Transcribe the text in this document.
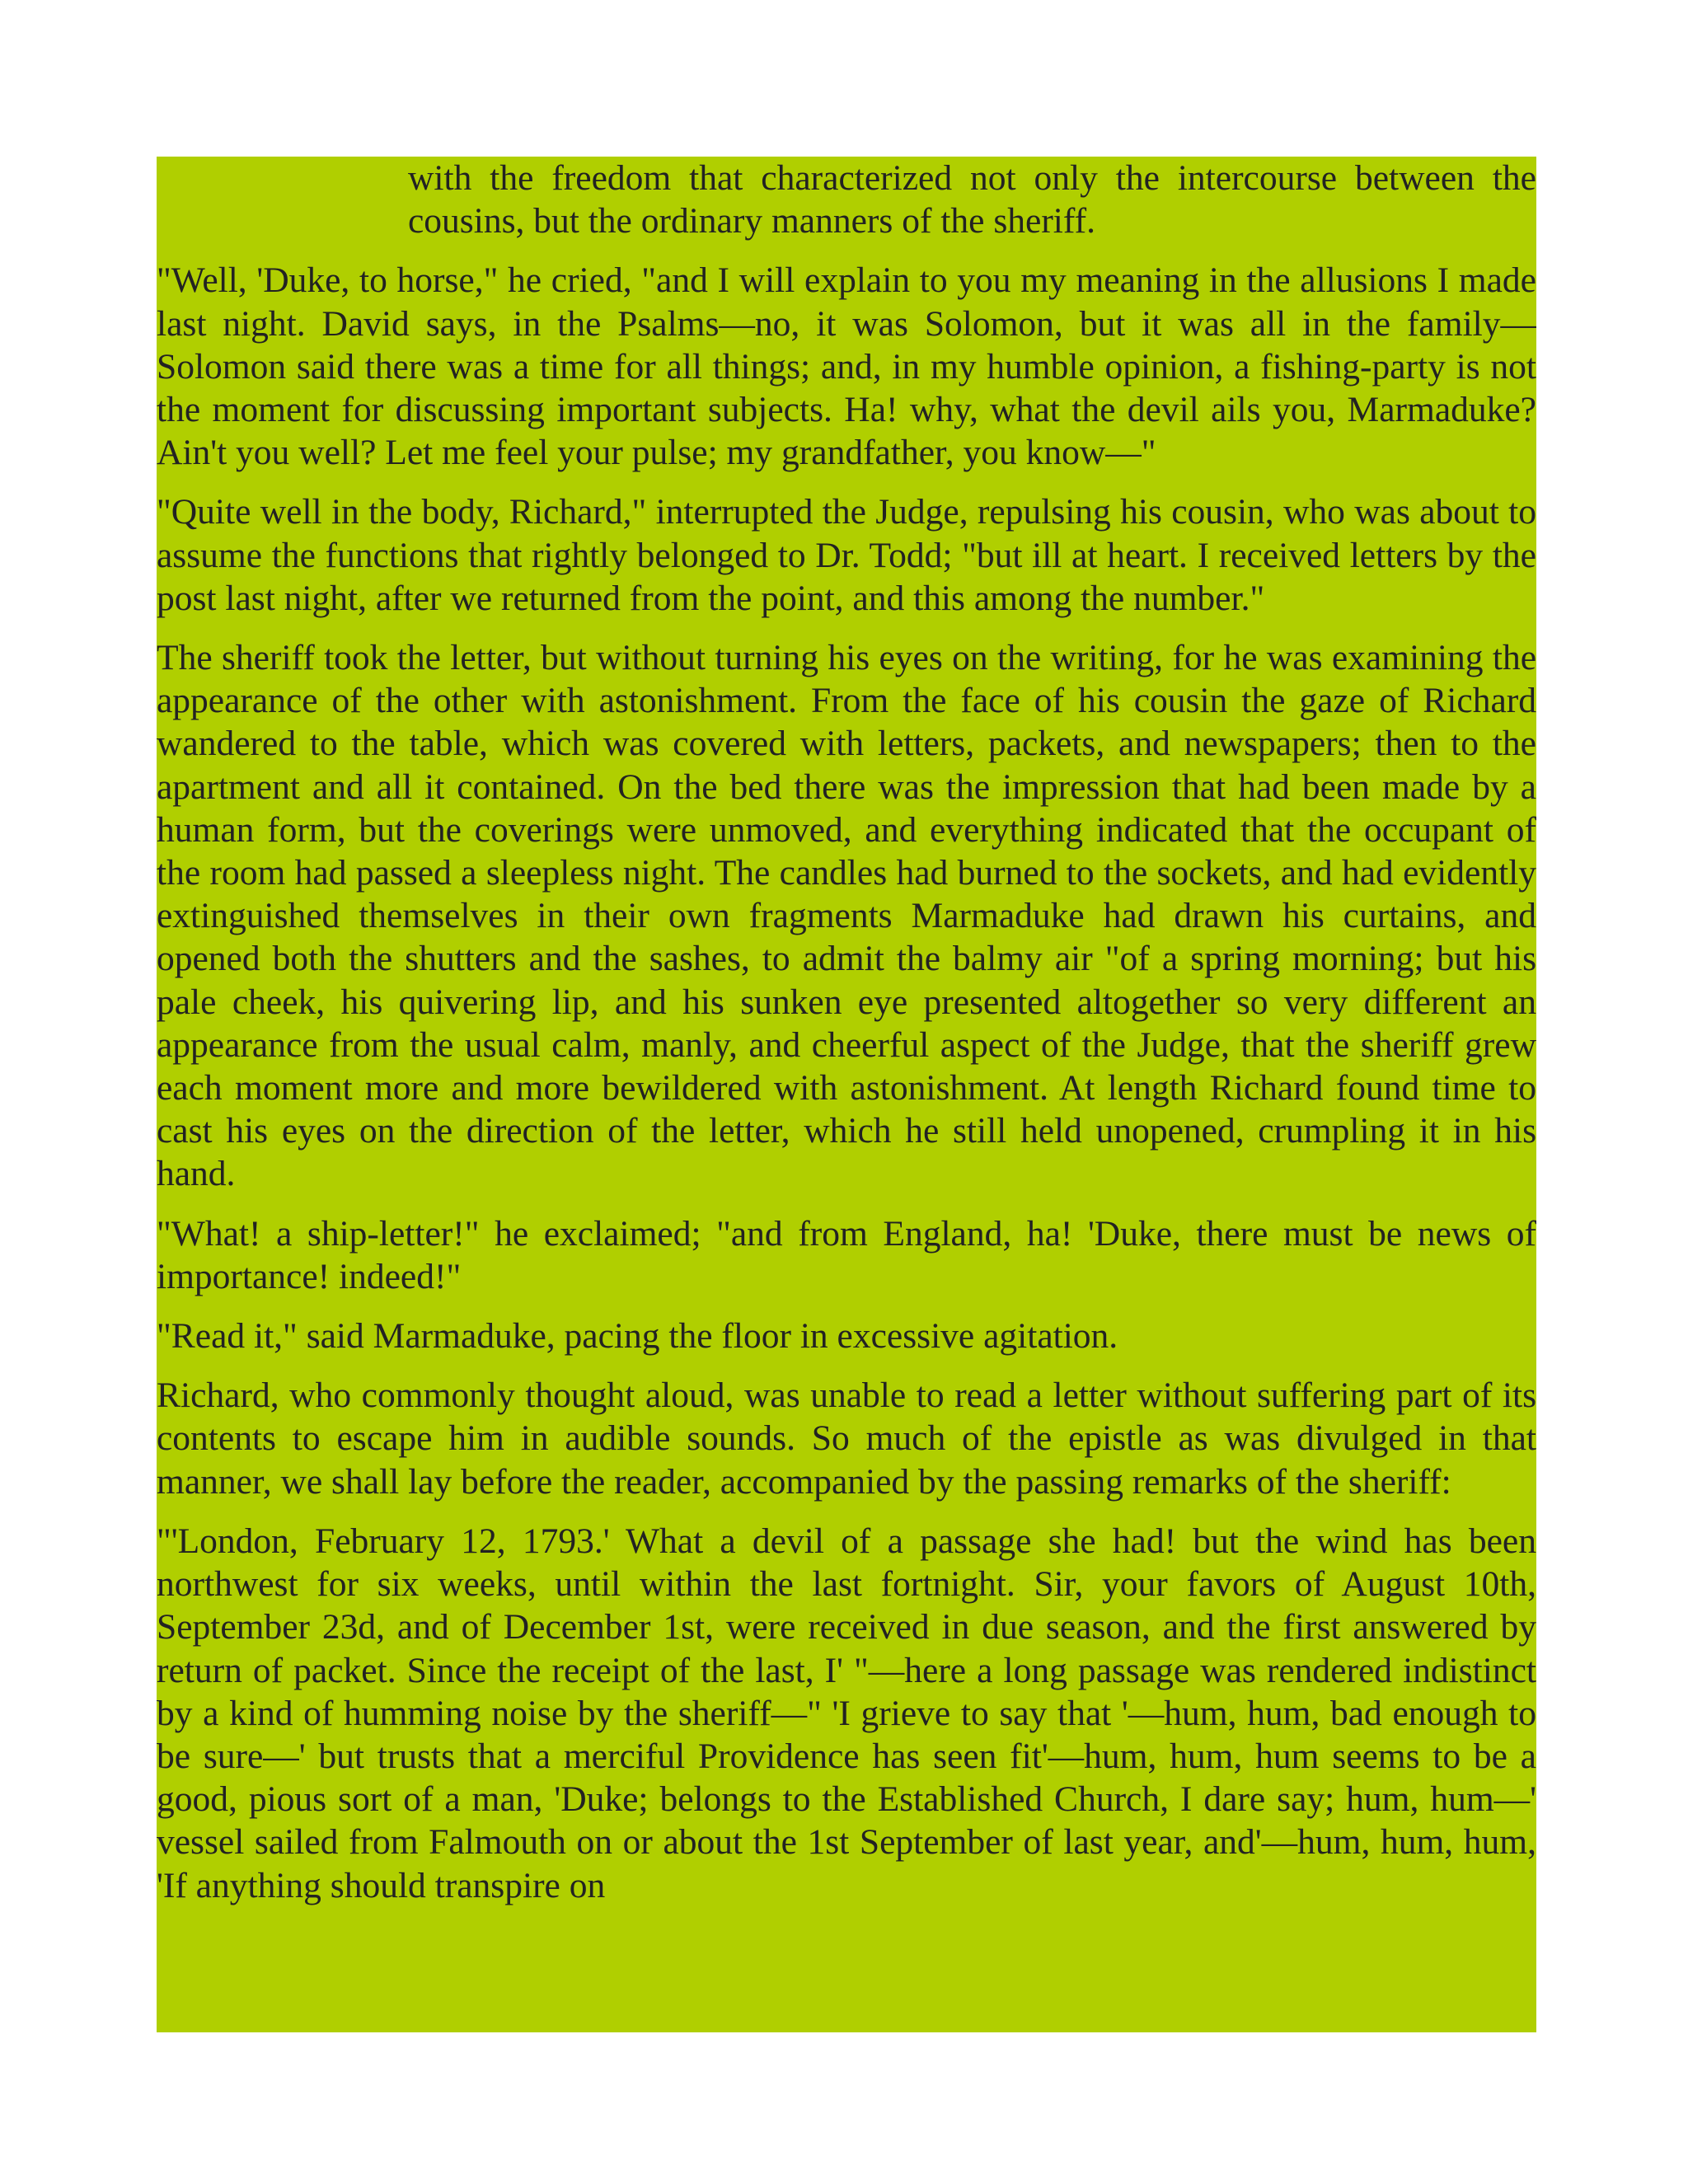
with the freedom that characterized not only the intercourse between the cousins, but the ordinary manners of the sheriff.

"Well, 'Duke, to horse," he cried, "and I will explain to you my meaning in the allusions I made last night. David says, in the Psalms—no, it was Solomon, but it was all in the family—Solomon said there was a time for all things; and, in my humble opinion, a fishing-party is not the moment for discussing important subjects. Ha! why, what the devil ails you, Marmaduke? Ain't you well? Let me feel your pulse; my grandfather, you know—"

"Quite well in the body, Richard," interrupted the Judge, repulsing his cousin, who was about to assume the functions that rightly belonged to Dr. Todd; "but ill at heart. I received letters by the post last night, after we returned from the point, and this among the number."

The sheriff took the letter, but without turning his eyes on the writing, for he was examining the appearance of the other with astonishment. From the face of his cousin the gaze of Richard wandered to the table, which was covered with letters, packets, and newspapers; then to the apartment and all it contained. On the bed there was the impression that had been made by a human form, but the coverings were unmoved, and everything indicated that the occupant of the room had passed a sleepless night. The candles had burned to the sockets, and had evidently extinguished themselves in their own fragments Marmaduke had drawn his curtains, and opened both the shutters and the sashes, to admit the balmy air "of a spring morning; but his pale cheek, his quivering lip, and his sunken eye presented altogether so very different an appearance from the usual calm, manly, and cheerful aspect of the Judge, that the sheriff grew each moment more and more bewildered with astonishment. At length Richard found time to cast his eyes on the direction of the letter, which he still held unopened, crumpling it in his hand.

"What! a ship-letter!" he exclaimed; "and from England, ha! 'Duke, there must be news of importance! indeed!"

"Read it," said Marmaduke, pacing the floor in excessive agitation.

Richard, who commonly thought aloud, was unable to read a letter without suffering part of its contents to escape him in audible sounds. So much of the epistle as was divulged in that manner, we shall lay before the reader, accompanied by the passing remarks of the sheriff:

"'London, February 12, 1793.' What a devil of a passage she had! but the wind has been northwest for six weeks, until within the last fortnight. Sir, your favors of August 10th, September 23d, and of December 1st, were received in due season, and the first answered by return of packet. Since the receipt of the last, I' "—here a long passage was rendered indistinct by a kind of humming noise by the sheriff—" 'I grieve to say that '—hum, hum, bad enough to be sure—' but trusts that a merciful Providence has seen fit'—hum, hum, hum seems to be a good, pious sort of a man, 'Duke; belongs to the Established Church, I dare say; hum, hum—' vessel sailed from Falmouth on or about the 1st September of last year, and'—hum, hum, hum, 'If anything should transpire on
